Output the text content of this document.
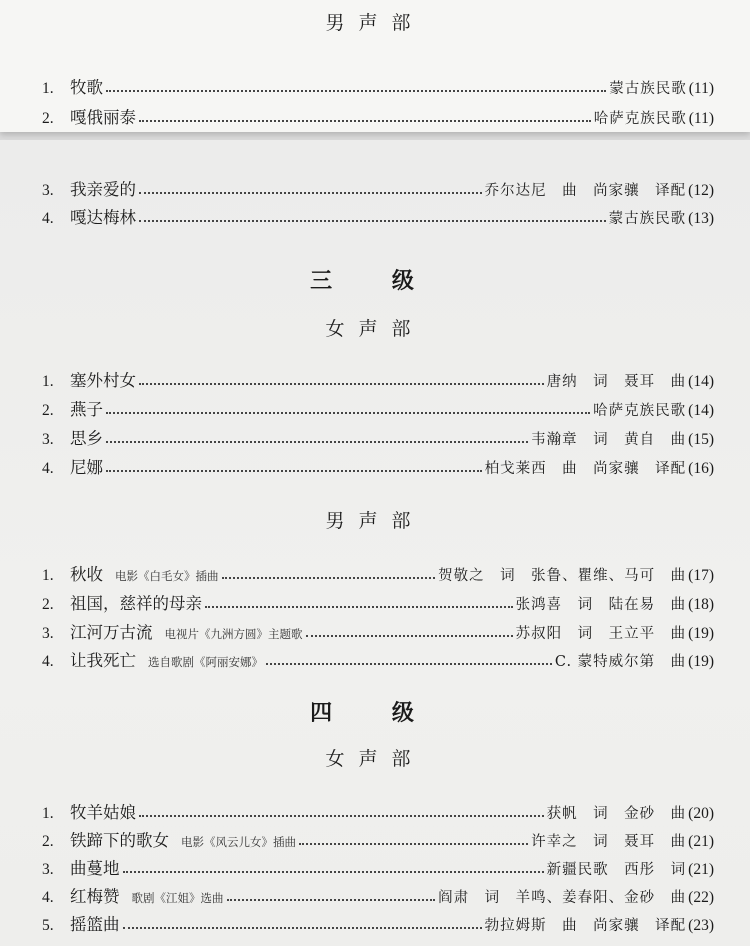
男声部
1. 牧歌	蒙古族民歌 (11)
2. 嘎俄丽泰	哈萨克族民歌 (11)
3. 我亲爱的	乔尔达尼　曲　尚家骧　译配 (12)
4. 嘎达梅林	蒙古族民歌 (13)
三 级
女声部
1. 塞外村女	唐纳　词　聂耳　曲 (14)
2. 燕子	哈萨克族民歌 (14)
3. 思乡	韦瀚章　词　黄自　曲 (15)
4. 尼娜	柏戈莱西　曲　尚家骧　译配 (16)
男声部
1. 秋收 电影《白毛女》插曲	贺敬之　词　张鲁、瞿维、马可　曲 (17)
2. 祖国，慈祥的母亲	张鸿喜　词　陆在易　曲 (18)
3. 江河万古流 电视片《九洲方圆》主题歌	苏叔阳　词　王立平　曲 (19)
4. 让我死亡 选自歌剧《阿丽安娜》	C. 蒙特威尔第　曲 (19)
四 级
女声部
1. 牧羊姑娘	获帆　词　金砂　曲 (20)
2. 铁蹄下的歌女 电影《风云儿女》插曲	许幸之　词　聂耳　曲 (21)
3. 曲蔓地	新疆民歌　西彤　词 (21)
4. 红梅赞 歌剧《江姐》选曲	阎肃　词　羊鸣、姜春阳、金砂　曲 (22)
5. 摇篮曲	勃拉姆斯　曲　尚家骧　译配 (23)
